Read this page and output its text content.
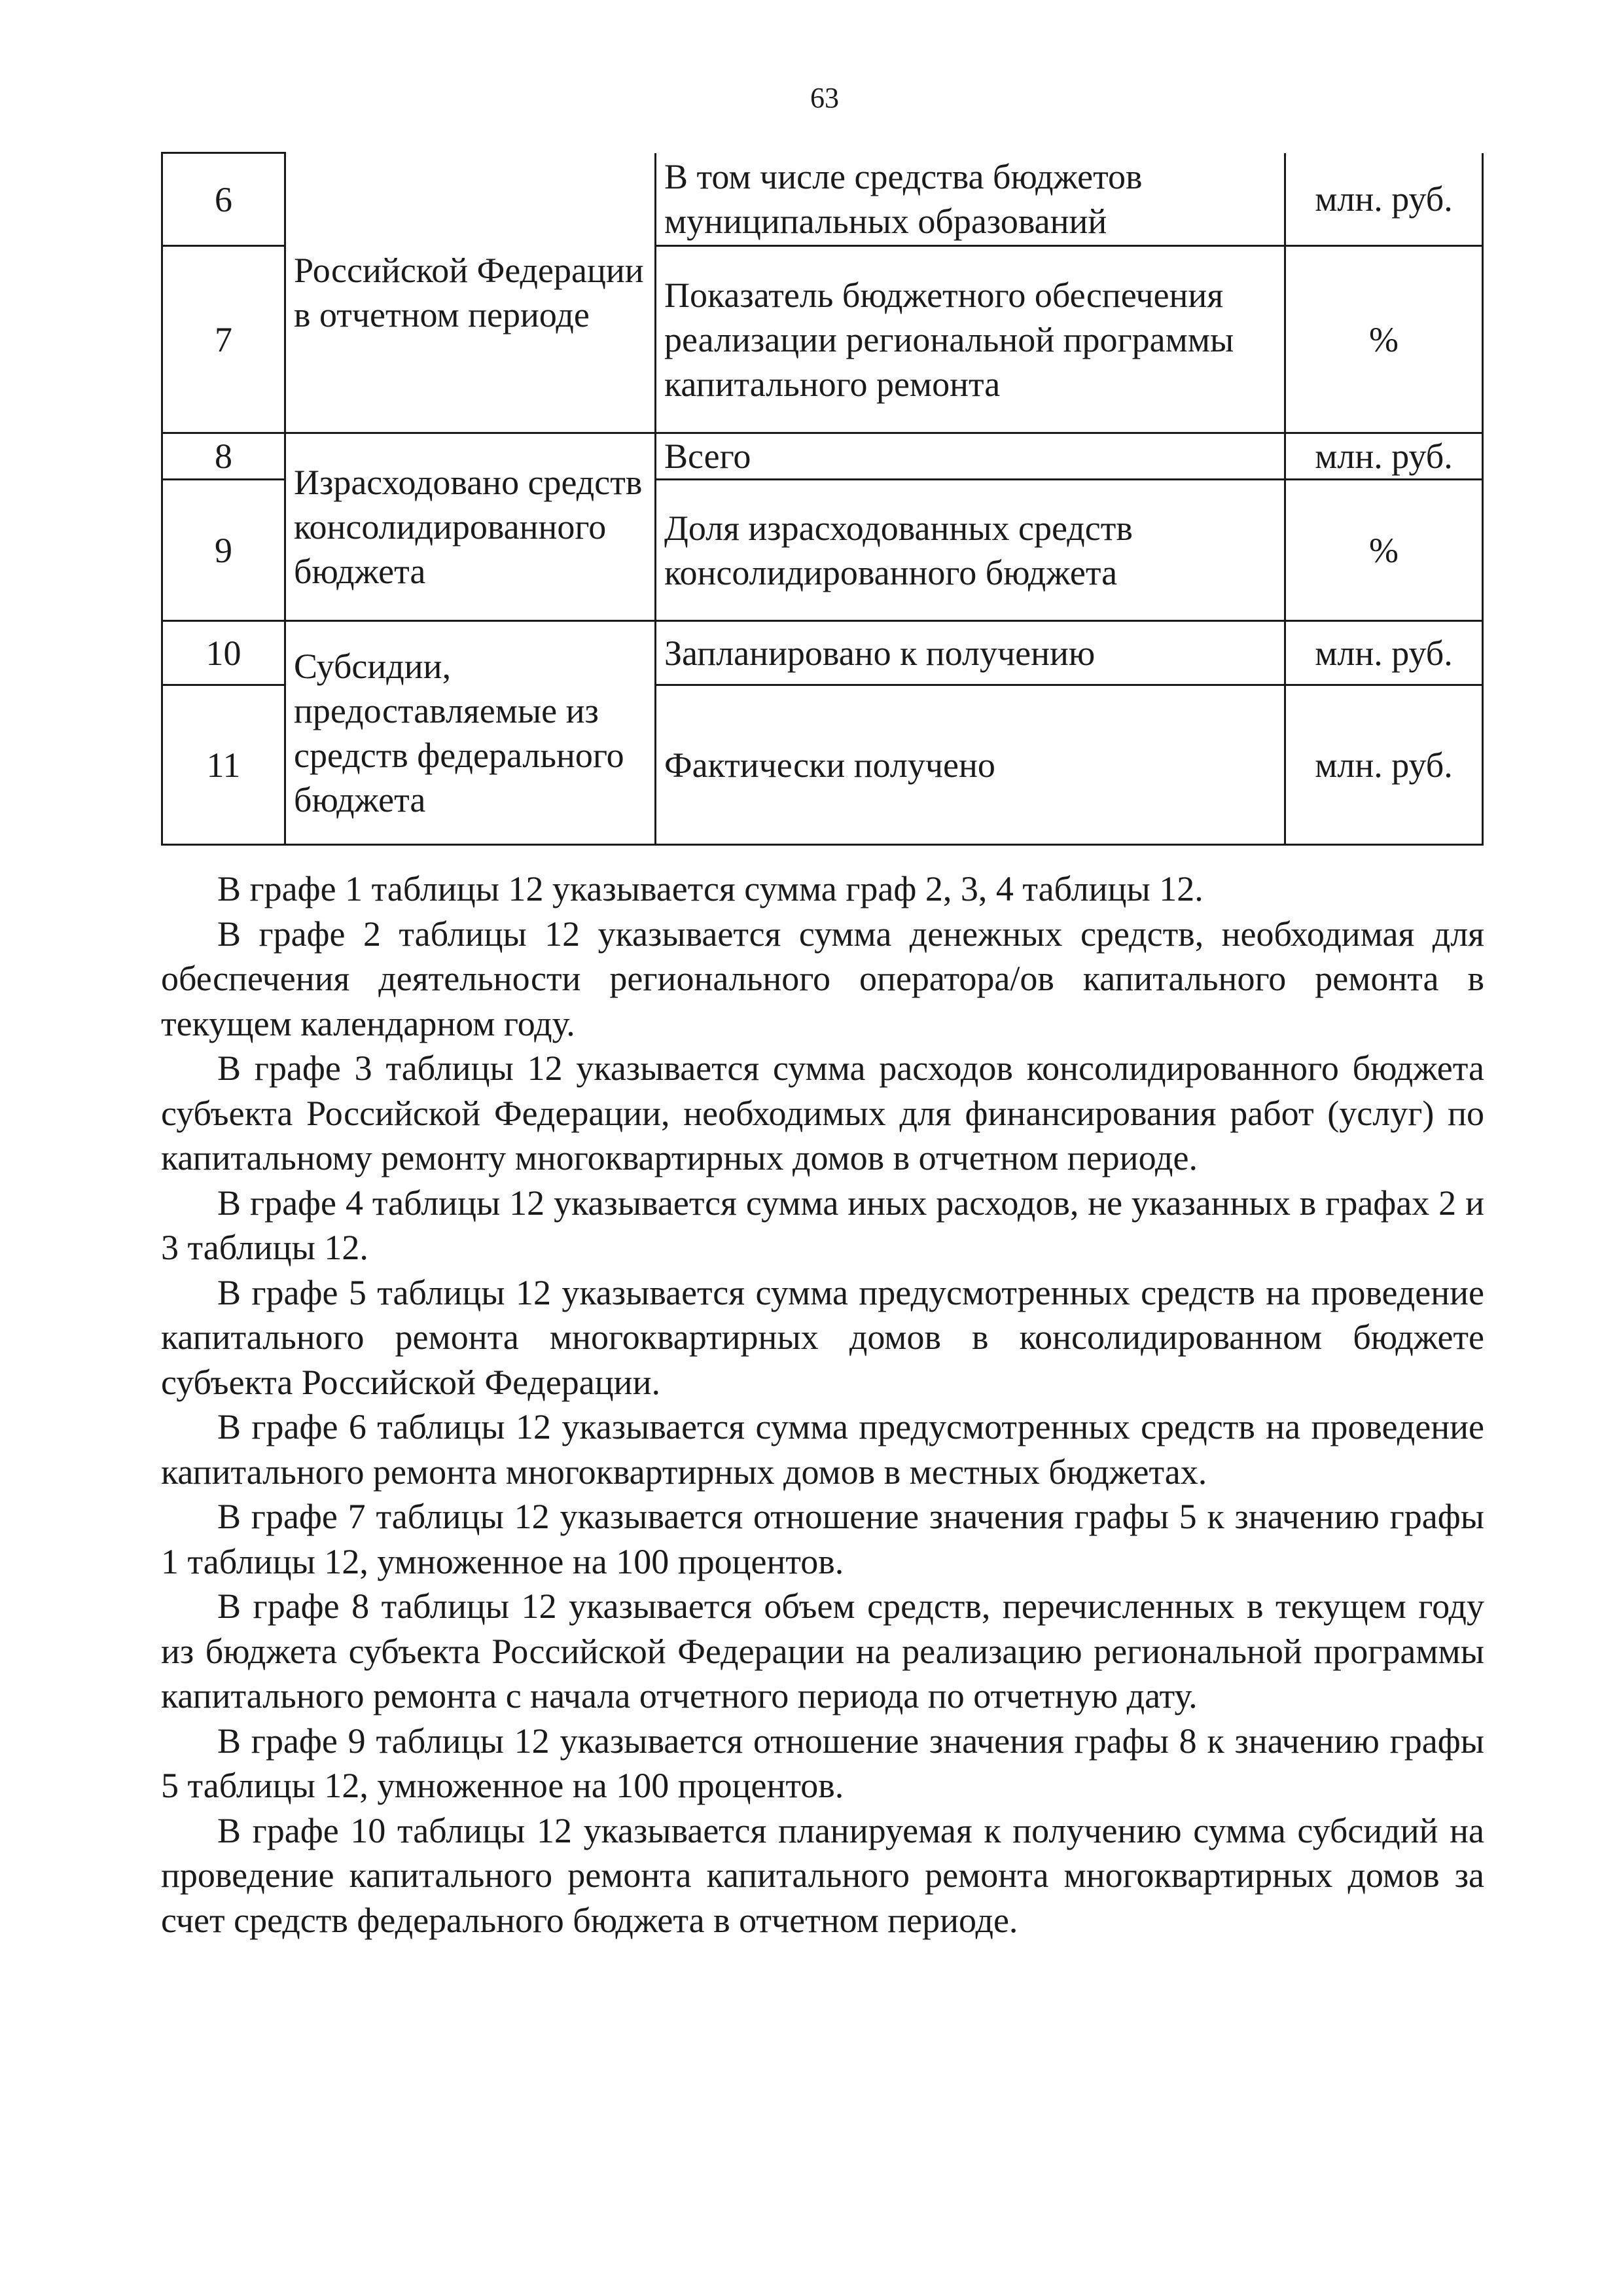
63
6	Российской Федерации в отчетном периоде	В том числе средства бюджетов муниципальных образований	млн. руб.
7		Показатель бюджетного обеспечения реализации региональной программы капитального ремонта	%
8	Израсходовано средств консолидированного бюджета	Всего	млн. руб.
9		Доля израсходованных средств консолидированного бюджета	%
10	Субсидии, предоставляемые из средств федерального бюджета	Запланировано к получению	млн. руб.
11		Фактически получено	млн. руб.

В графе 1 таблицы 12 указывается сумма граф 2, 3, 4 таблицы 12.

В графе 2 таблицы 12 указывается сумма денежных средств, необходимая для обеспечения деятельности регионального оператора/ов капитального ремонта в текущем календарном году.

В графе 3 таблицы 12 указывается сумма расходов консолидированного бюджета субъекта Российской Федерации, необходимых для финансирования работ (услуг) по капитальному ремонту многоквартирных домов в отчетном периоде.

В графе 4 таблицы 12 указывается сумма иных расходов, не указанных в графах 2 и 3 таблицы 12.

В графе 5 таблицы 12 указывается сумма предусмотренных средств на проведение капитального ремонта многоквартирных домов в консолидированном бюджете субъекта Российской Федерации.

В графе 6 таблицы 12 указывается сумма предусмотренных средств на проведение капитального ремонта многоквартирных домов в местных бюджетах.

В графе 7 таблицы 12 указывается отношение значения графы 5 к значению графы 1 таблицы 12, умноженное на 100 процентов.

В графе 8 таблицы 12 указывается объем средств, перечисленных в текущем году из бюджета субъекта Российской Федерации на реализацию региональной программы капитального ремонта с начала отчетного периода по отчетную дату.

В графе 9 таблицы 12 указывается отношение значения графы 8 к значению графы 5 таблицы 12, умноженное на 100 процентов.

В графе 10 таблицы 12 указывается планируемая к получению сумма субсидий на проведение капитального ремонта капитального ремонта многоквартирных домов за счет средств федерального бюджета в отчетном периоде.
